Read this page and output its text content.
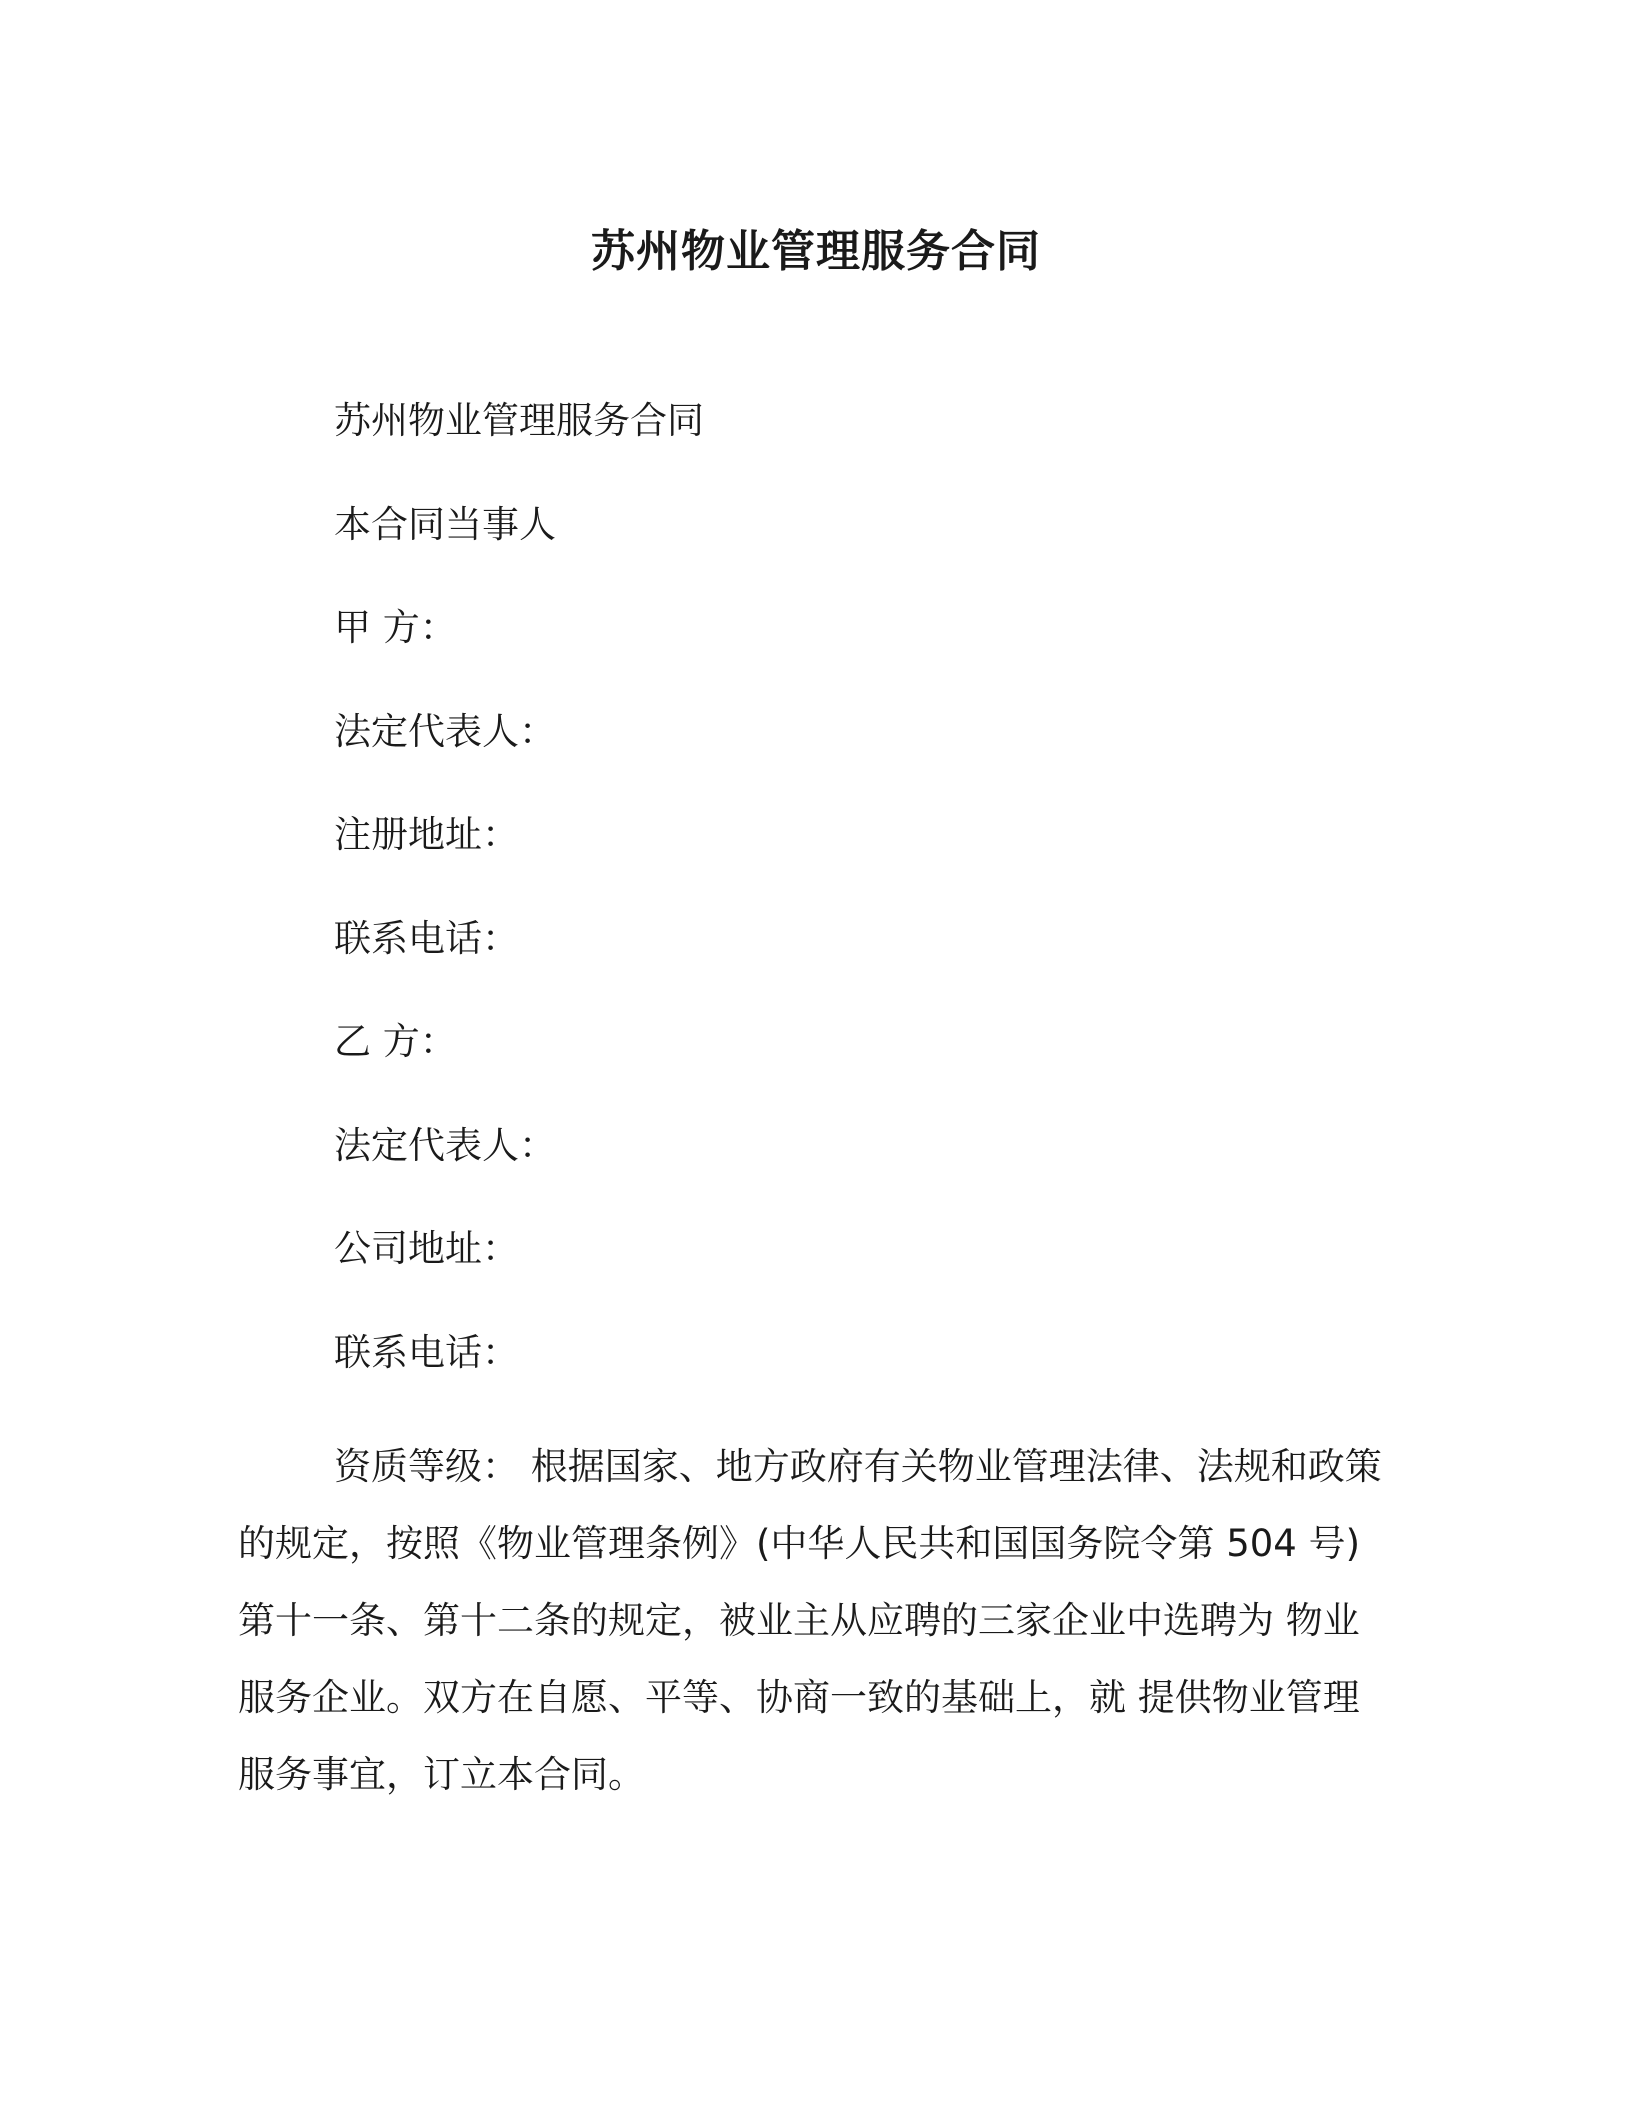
苏州物业管理服务合同
苏州物业管理服务合同
本合同当事人
甲 方：
法定代表人：
注册地址：
联系电话：
乙 方：
法定代表人：
公司地址：
联系电话：
资质等级： 根据国家、地方政府有关物业管理法律、法规和政策
的规定，按照《物业管理条例》(中华人民共和国国务院令第 504 号)
第十一条、第十二条的规定，被业主从应聘的三家企业中选聘为 物业
服务企业。双方在自愿、平等、协商一致的基础上，就 提供物业管理
服务事宜，订立本合同。
